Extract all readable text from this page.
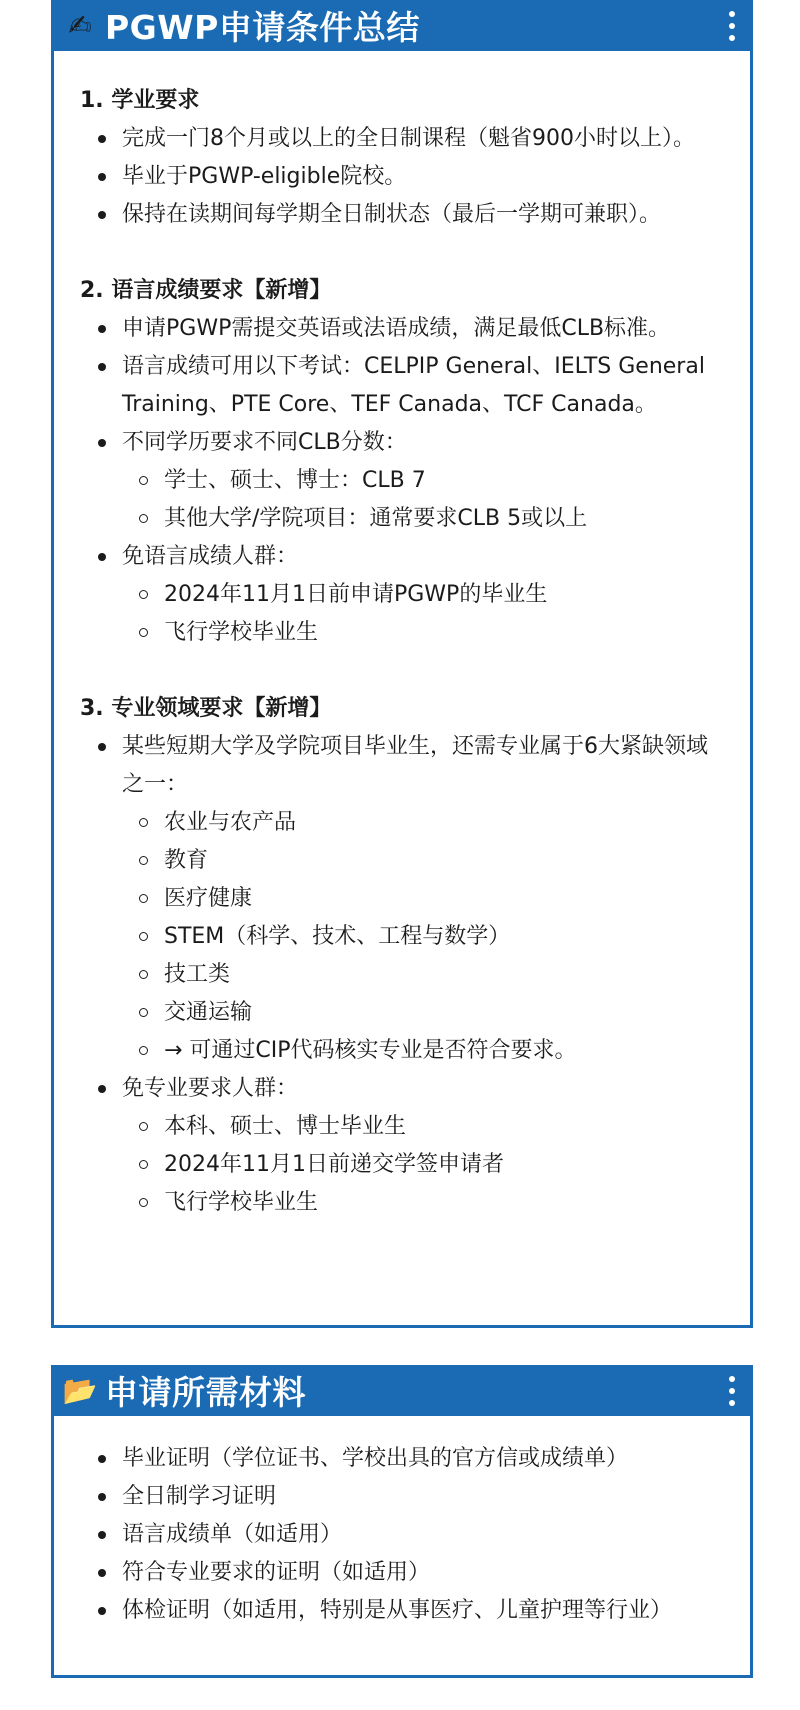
✍ PGWP申请条件总结

1. 学业要求

完成一门8个月或以上的全日制课程（魁省900小时以上）。
毕业于PGWP-eligible院校。
保持在读期间每学期全日制状态（最后一学期可兼职）。

2. 语言成绩要求【新增】

申请PGWP需提交英语或法语成绩，满足最低CLB标准。
语言成绩可用以下考试：CELPIP General、IELTS General Training、PTE Core、TEF Canada、TCF Canada。
不同学历要求不同CLB分数：
学士、硕士、博士：CLB 7
其他大学/学院项目：通常要求CLB 5或以上
免语言成绩人群：
2024年11月1日前申请PGWP的毕业生
飞行学校毕业生

3. 专业领域要求【新增】

某些短期大学及学院项目毕业生，还需专业属于6大紧缺领域之一：
农业与农产品
教育
医疗健康
STEM（科学、技术、工程与数学）
技工类
交通运输
→ 可通过CIP代码核实专业是否符合要求。
免专业要求人群：
本科、硕士、博士毕业生
2024年11月1日前递交学签申请者
飞行学校毕业生
📂 申请所需材料
毕业证明（学位证书、学校出具的官方信或成绩单）
全日制学习证明
语言成绩单（如适用）
符合专业要求的证明（如适用）
体检证明（如适用，特别是从事医疗、儿童护理等行业）
